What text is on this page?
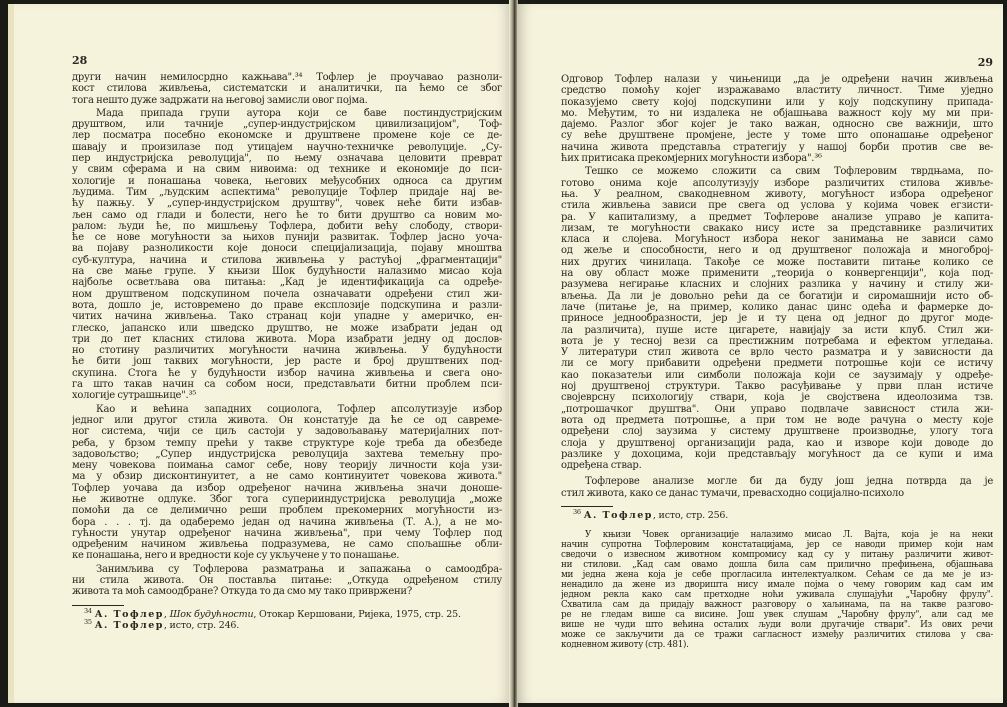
28

други начин немилосрдно кажњава".³⁴ Тофлер је проучавао разноли-
кост стилова живљења, систематски и аналитички, па ћемо се због
тога нешто дуже задржати на његовој замисли овог појма.

Мада припада групи аутора који се баве постиндустријским
друштвом, или тачније „супер-индустријском цивилизацијом", Тоф-
лер посматра посебно економске и друштвене промене које се де-
шавају и произилазе под утицајем научно-техничке револуције. „Су-
пер индустријска револуција", по њему означава целовити преврат
у свим сферама и на свим нивоима: од технике и економије до пси-
хологије и понашања човека, његових међусобних односа са другим
људима. Тим „људским аспектима" револуције Тофлер придаје нај ве-
ћу пажњу. У „супер-индустријском друштву", човек неће бити избав-
љен само од глади и болести, него ће то бити друштво са новим мо-
ралом: људи ће, по мишљењу Тофлера, добити већу слободу, створи-
ће се нове могућности за њихов пунији развитак. Тофлер јасно уоча-
ва појаву разноликости које доноси специјализација, појаву мноштва
суб-култура, начина и стилова живљења у растућој „фрагментацији"
на све мање групе. У књизи Шок будућности налазимо мисао која
најбоље осветљава ова питања: „Кад је идентификација са одређе-
ном друштвеном подскупином почела означавати одређени стил жи-
вота, дошло је, истовремено до праве експлозије подскупина и разли-
читих начина живљења. Тако странац који упадне у америчко, ен-
глеско, јапанско или шведско друштво, не може изабрати један од
три до пет класних стилова живота. Мора изабрати једну од дослов-
но стотину различитих могућности начина живљења. У будућности
ће бити још таквих могућности, јер расте и број друштвених под-
скупина. Стога ће у будућности избор начина живљења и свега оно-
га што такав начин са собом носи, представљати битни проблем пси-
хологије сутрашњице".³⁵

Као и већина западних социолога, Тофлер апсолутизује избор
једног или другог стила живота. Он констатује да ће се од савреме-
ног система, чији се циљ састоји у задовољавању материјалних пот-
реба, у брзом темпу прећи у такве структуре које треба да обезбеде
задовољство; „Супер индустријска револуција захтева темељну про-
мену човекова поимања самог себе, нову теорију личности која узи-
ма у обзир дисконтинуитет, а не само континуитет човекова живота."
Тофлер уочава да избор одређеног начина живљења значи доноше-
ње животне одлуке. Због тога суперииндустријска револуција „може
помоћи да се делимично реши проблем прекомерних могућности из-
бора . . . тј. да одаберемо један од начина живљења (Т. А.), а не мо-
гућности унутар одређеног начина живљења", при чему Тофлер под
одређеним начином живљења подразумева, не само спољашње обли-
ке понашања, него и вредности које су укључене у то понашање.

Занимљива су Тофлерова разматрања и запажања о самоодбра-
ни стила живота. Он поставља питање: „Откуда одређеном стилу
живота та моћ самоодбране? Откуда то да смо му тако привржени?

$^{34}$ А. Тофлер, Шок будућности, Отокар Кершовани, Ријека, 1975, стр. 25.
$^{35}$ А. Тофлер, исто, стр. 246.
29

Одговор Тофлер налази у чињеници „да је одређени начин живљења
средство помоћу којег изражавамо властиту личност. Тиме уједно
показујемо свету којој подскупини или у коју подскупину припада-
мо. Међутим, то ни издалека не објашњава важност коју му ми при-
дајемо. Разлог због којег је тако важан, односно све важнији, што
су веће друштвене промјене, јесте у томе што опонашање одређеног
начина живота представља стратегију у нашој борби против све ве-
ћих притисака прекомјерних могућности избора".³⁶

Тешко се можемо сложити са свим Тофлеровим тврдњама, по-
готово онима које апсолутизују изборе различитих стилова живље-
ња. У реалном, свакодневном животу, могућност избора одређеног
стила живљења зависи пре свега од услова у којима човек егзисти-
ра. У капитализму, а предмет Тофлерове анализе управо је капита-
лизам, те могућности свакако нису исте за представнике различитих
класа и слојева. Могућност избора неког занимања не зависи само
од жеље и способности, него и од друштвеног положаја и многоброј-
них других чинилаца. Такође се може поставити питање колико се
на ову област може применити „теорија о конвергенцији", која под-
разумева негирање класних и слојних разлика у начину и стилу жи-
вљења. Да ли је довољно рећи да се богатији и сиромашнији исто об-
лаче (питање је, на пример, колико данас џинс одећа и фармерке до-
приносе једнообразности, јер је и ту цена од једног до другог моде-
ла различита), пуше исте цигарете, навијају за исти клуб. Стил жи-
вота је у тесној вези са престижним потребама и ефектом угледања.
У литератури стил живота се врло често разматра и у зависности да
ли се могу прибавити одређени предмети потрошње који се истичу
као показатељи или симболи положаја који се заузимају у одређе-
ној друштвеној структури. Такво расуђивање у први план истиче
својеврсну психологију ствари, која је својствена идеолозима тзв.
„потрошачког друштва". Они управо подвлаче зависност стила жи-
вота од предмета потрошње, а при том не воде рачуна о месту које
одређени слој заузима у систему друштвене производње, улогу тога
слоја у друштвеној организацији рада, као и изворе који доводе до
разлике у дохоцима, који представљају могућност да се купи и има
одређена ствар.

Тофлерове анализе могле би да буду још једна потврда да је
стил живота, како се данас тумачи, превасходно социјално-психоло

$^{36}$ А. Тофлер, исто, стр. 256.

У књизи Човек организације налазимо мисао Л. Вајта, која је на неки
начин супротна Тофлеровим констатацијама, јер се наводи пример који нам
сведочи о извесном животном компромису кад су у питању различити живот-
ни стилови. „Кад сам овамо дошла била сам прилично префињена, објашњава
ми једна жена која је себе прогласила интелектуалком. Сећам се да ме је из-
ненадило да жене из дворишта нису имале појма о чему говорим кад сам им
једном рекла како сам претходне ноћи уживала слушајући „Чаробну фрулу".
Схватила сам да придају важност разговору о хаљинама, па на такве разгово-
ре не гледам више са висине. Још увек слушам „Чаробну фрулу", али сад ме
више не чуди што већина осталих људи воли другачије ствари". Из ових речи
може се закључити да се тражи сагласност између различитих стилова у сва-
кодневном животу (стр. 481).
